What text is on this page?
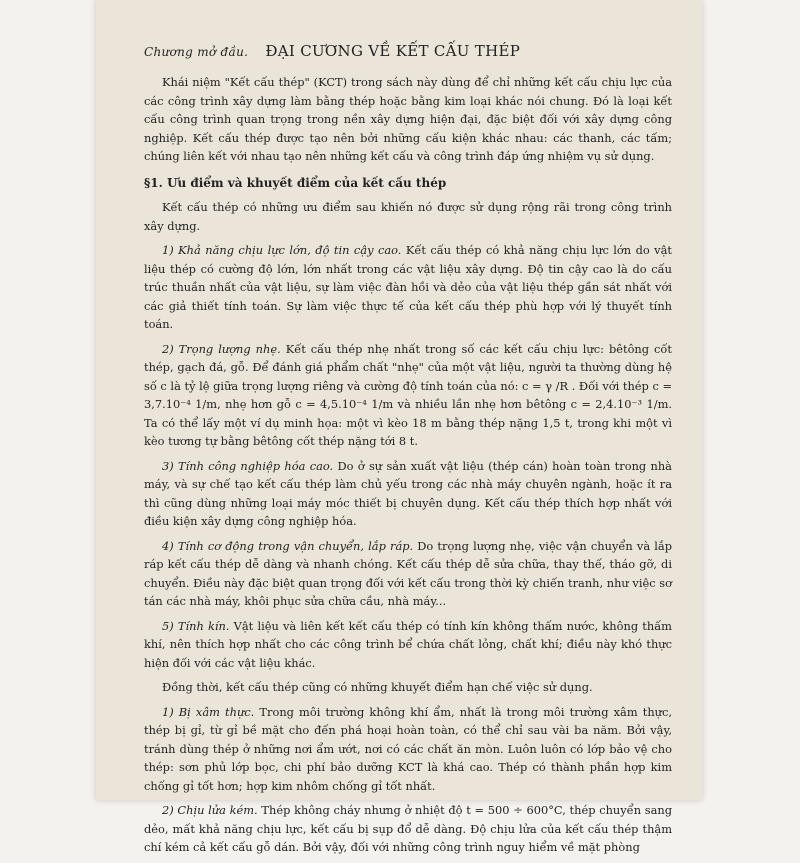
Chương mở đầu. ĐẠI CƯƠNG VỀ KẾT CẤU THÉP

Khái niệm "Kết cấu thép" (KCT) trong sách này dùng để chỉ những kết cấu chịu lực của các công trình xây dựng làm bằng thép hoặc bằng kim loại khác nói chung. Đó là loại kết cấu công trình quan trọng trong nền xây dựng hiện đại, đặc biệt đối với xây dựng công nghiệp. Kết cấu thép được tạo nên bởi những cấu kiện khác nhau: các thanh, các tấm; chúng liên kết với nhau tạo nên những kết cấu và công trình đáp ứng nhiệm vụ sử dụng.

§1. Ưu điểm và khuyết điểm của kết cấu thép

Kết cấu thép có những ưu điểm sau khiến nó được sử dụng rộng rãi trong công trình xây dựng.

1) Khả năng chịu lực lớn, độ tin cậy cao. Kết cấu thép có khả năng chịu lực lớn do vật liệu thép có cường độ lớn, lớn nhất trong các vật liệu xây dựng. Độ tin cậy cao là do cấu trúc thuần nhất của vật liệu, sự làm việc đàn hồi và dẻo của vật liệu thép gần sát nhất với các giả thiết tính toán. Sự làm việc thực tế của kết cấu thép phù hợp với lý thuyết tính toán.

2) Trọng lượng nhẹ. Kết cấu thép nhẹ nhất trong số các kết cấu chịu lực: bêtông cốt thép, gạch đá, gỗ. Để đánh giá phẩm chất "nhẹ" của một vật liệu, người ta thường dùng hệ số c là tỷ lệ giữa trọng lượng riêng và cường độ tính toán của nó: c = γ /R . Đối với thép c = 3,7.10⁻⁴ 1/m, nhẹ hơn gỗ c = 4,5.10⁻⁴ 1/m và nhiều lần nhẹ hơn bêtông c = 2,4.10⁻³ 1/m. Ta có thể lấy một ví dụ minh họa: một vì kèo 18 m bằng thép nặng 1,5 t, trong khi một vì kèo tương tự bằng bêtông cốt thép nặng tới 8 t.

3) Tính công nghiệp hóa cao. Do ở sự sản xuất vật liệu (thép cán) hoàn toàn trong nhà máy, và sự chế tạo kết cấu thép làm chủ yếu trong các nhà máy chuyên ngành, hoặc ít ra thì cũng dùng những loại máy móc thiết bị chuyên dụng. Kết cấu thép thích hợp nhất với điều kiện xây dựng công nghiệp hóa.

4) Tính cơ động trong vận chuyển, lắp ráp. Do trọng lượng nhẹ, việc vận chuyển và lắp ráp kết cấu thép dễ dàng và nhanh chóng. Kết cấu thép dễ sửa chữa, thay thế, tháo gỡ, di chuyển. Điều này đặc biệt quan trọng đối với kết cấu trong thời kỳ chiến tranh, như việc sơ tán các nhà máy, khôi phục sửa chữa cầu, nhà máy...

5) Tính kín. Vật liệu và liên kết kết cấu thép có tính kín không thấm nước, không thấm khí, nên thích hợp nhất cho các công trình bể chứa chất lỏng, chất khí; điều này khó thực hiện đối với các vật liệu khác.

Đồng thời, kết cấu thép cũng có những khuyết điểm hạn chế việc sử dụng.

1) Bị xâm thực. Trong môi trường không khí ẩm, nhất là trong môi trường xâm thực, thép bị gỉ, từ gỉ bề mặt cho đến phá hoại hoàn toàn, có thể chỉ sau vài ba năm. Bởi vậy, tránh dùng thép ở những nơi ẩm ướt, nơi có các chất ăn mòn. Luôn luôn có lớp bảo vệ cho thép: sơn phủ lớp bọc, chi phí bảo dưỡng KCT là khá cao. Thép có thành phần hợp kim chống gỉ tốt hơn; hợp kim nhôm chống gỉ tốt nhất.

2) Chịu lửa kém. Thép không cháy nhưng ở nhiệt độ t = 500 ÷ 600°C, thép chuyển sang dẻo, mất khả năng chịu lực, kết cấu bị sụp đổ dễ dàng. Độ chịu lửa của kết cấu thép thậm chí kém cả kết cấu gỗ dán. Bởi vậy, đối với những công trình nguy hiểm về mặt phòng
